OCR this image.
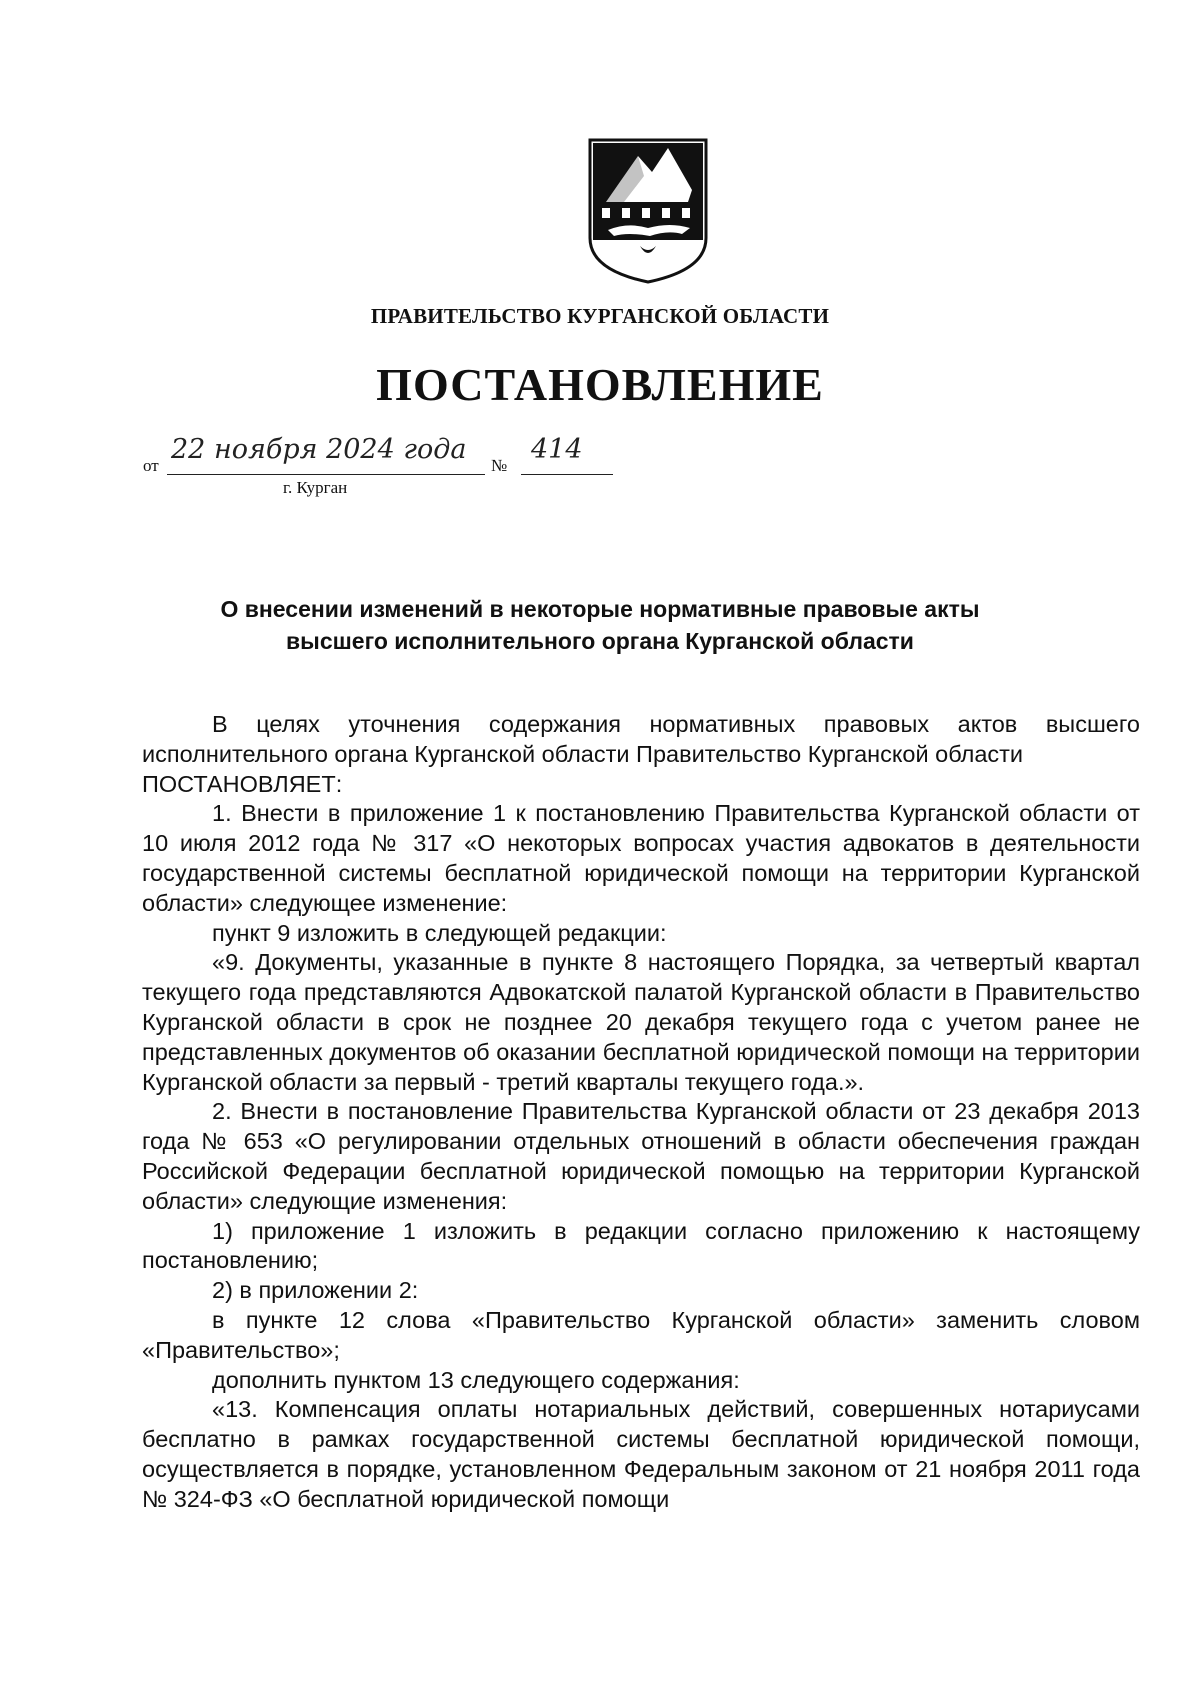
ПРАВИТЕЛЬСТВО КУРГАНСКОЙ ОБЛАСТИ
ПОСТАНОВЛЕНИЕ
от
22 ноября 2024 года
№
414
г. Курган
О внесении изменений в некоторые нормативные правовые акты
высшего исполнительного органа Курганской области

В целях уточнения содержания нормативных правовых актов высшего исполнительного органа Курганской области Правительство Курганской области

ПОСТАНОВЛЯЕТ:

1. Внести в приложение 1 к постановлению Правительства Курганской области от 10 июля 2012 года № 317 «О некоторых вопросах участия адвокатов в деятельности государственной системы бесплатной юридической помощи на территории Курганской области» следующее изменение:

пункт 9 изложить в следующей редакции:

«9. Документы, указанные в пункте 8 настоящего Порядка, за четвертый квартал текущего года представляются Адвокатской палатой Курганской области в Правительство Курганской области в срок не позднее 20 декабря текущего года с учетом ранее не представленных документов об оказании бесплатной юридической помощи на территории Курганской области за первый - третий кварталы текущего года.».

2. Внести в постановление Правительства Курганской области от 23 декабря 2013 года № 653 «О регулировании отдельных отношений в области обеспечения граждан Российской Федерации бесплатной юридической помощью на территории Курганской области» следующие изменения:

1) приложение 1 изложить в редакции согласно приложению к настоящему постановлению;

2) в приложении 2:

в пункте 12 слова «Правительство Курганской области» заменить словом «Правительство»;

дополнить пунктом 13 следующего содержания:

«13. Компенсация оплаты нотариальных действий, совершенных нотариусами бесплатно в рамках государственной системы бесплатной юридической помощи, осуществляется в порядке, установленном Федеральным законом от 21 ноября 2011 года № 324-ФЗ «О бесплатной юридической помощи
